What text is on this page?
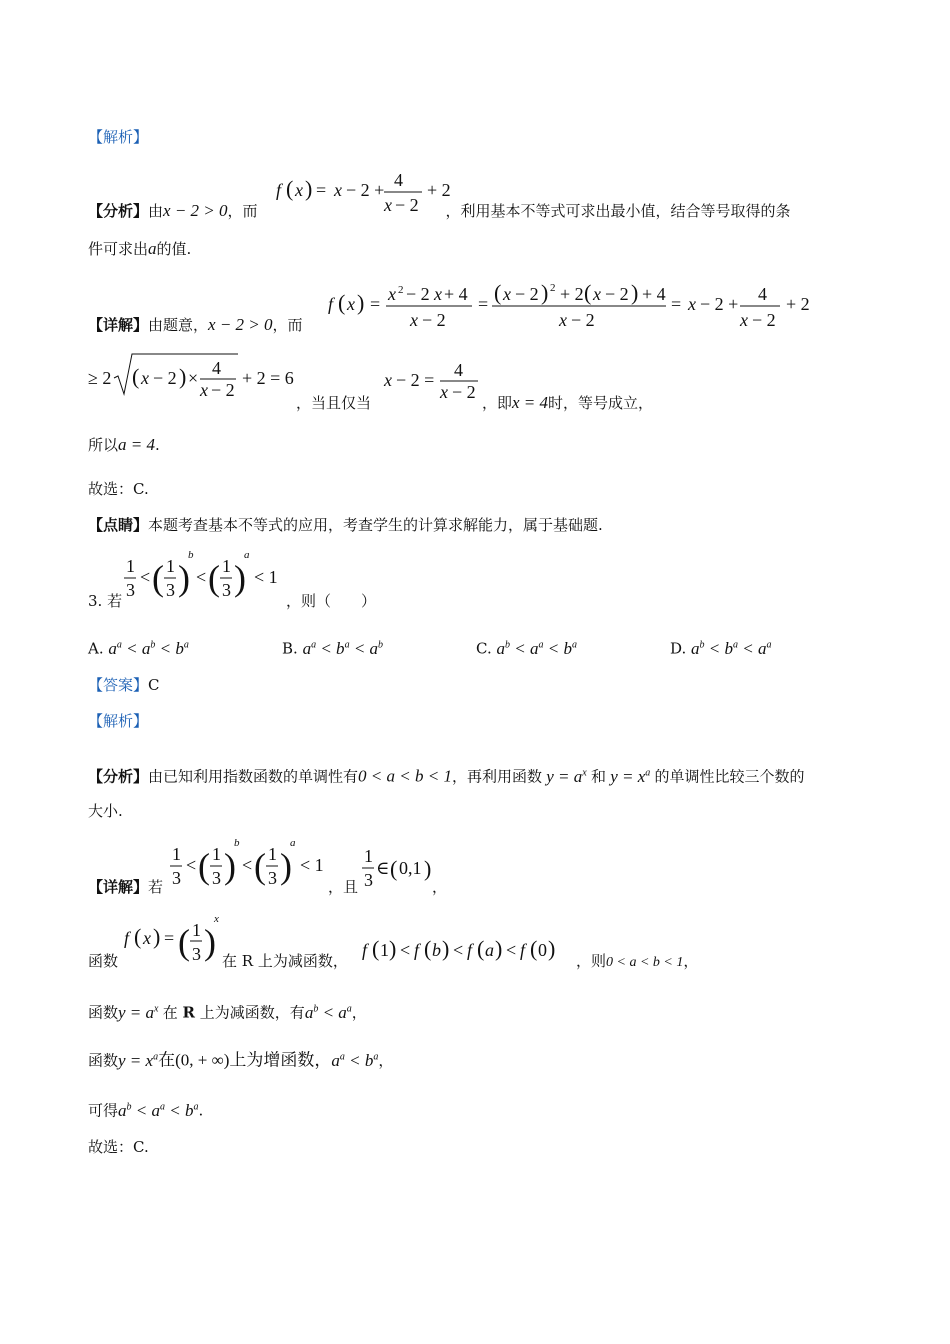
【解析】
【分析】由x − 2 > 0，而	，利用基本不等式可求出最小值，结合等号取得的条
f ( x ) = x − 2 + 4
x − 2
+ 2
件可求出a的值.
【详解】由题意，x − 2 > 0，而
f ( x ) = x 2 − 2 x + 4
x − 2
= ( x − 2 ) 2 + 2 ( x − 2 ) + 4
x − 2
= x − 2 + 4
x − 2
+ 2
≥ 2 ( x − 2 ) × 4
x − 2
+ 2 = 6
，当且仅当
x − 2 = 4
x − 2
，即x = 4时，等号成立，
所以a = 4.
故选：C.
【点睛】本题考查基本不等式的应用，考查学生的计算求解能力，属于基础题.
1
3
< ( 1
3 )
b
< ( 1
3 )
a
< 1
3. 若	，则（　　）
A. $a^a < a^b < b^a$	B. $a^a < b^a < a^b$	C. $a^b < a^a < b^a$	D. $a^b < b^a < a^a$
【答案】C
【解析】
【分析】由已知利用指数函数的单调性有0 < a < b < 1，再利用函数 $y = a^x$ 和 $y = x^a$ 的单调性比较三个数的
大小.
【详解】若
1
3
< ( 1
3 )
b
< ( 1
3 )
a
< 1
，且
1
3
∈ ( 0,1 )
，
函数
f ( x ) = ( 1
3 )
x
在 R 上为减函数，
f ( 1 ) < f ( b ) < f ( a ) < f ( 0 ) ，则0 < a < b < 1，
函数$y = a^x$ 在 R 上为减函数，有$a^b < a^a$，
函数$y = x^a$在(0, + ∞)上为增函数，$a^a < b^a$，
可得$a^b < a^a < b^a$.
故选：C.
